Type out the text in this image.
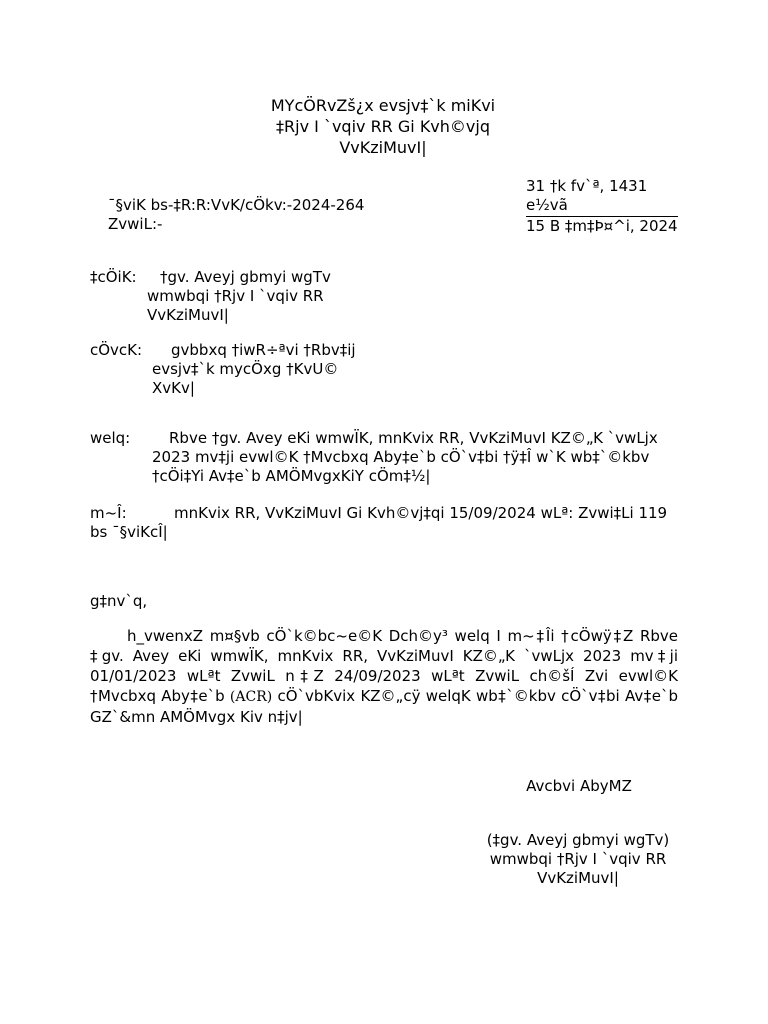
MYcÖRvZš¿x evsjv‡`k miKvi
‡Rjv I `vqiv RR Gi Kvh©vjq
VvKziMuvI|
¯§viK bs-‡R:R:VvK/cÖkv:-2024-264
ZvwiL:-
31 †k fv`ª, 1431 e½vã
15 B ‡m‡Þ¤^i, 2024
‡cÖiK:	†gv. Aveyj gbmyi wgTv
wmwbqi †Rjv I `vqiv RR
VvKziMuvI|
cÖvcK:	gvbbxq †iwR÷ªvi †Rbv‡ij
evsjv‡`k mycÖxg †KvU©
XvKv|
welq:	Rbve †gv. Avey eKi wmwÏK, mnKvix RR, VvKziMuvI KZ©„K `vwLjx
2023 mv‡ji evwl©K †Mvcbxq Aby‡e`b cÖ`v‡bi †ÿ‡Î w`K wb‡`©kbv
†cÖi‡Yi Av‡e`b AMÖMvgxKiY cÖm‡½|
m~Î:	mnKvix RR, VvKziMuvI Gi Kvh©vj‡qi 15/09/2024 wLª: Zvwi‡Li 119
bs ¯§viKcÎ|
g‡nv`q,
h_vwenxZ m¤§vb cÖ`k©bc~e©K Dch©y³ welq I m~‡Îi †cÖwÿ‡Z Rbve ‡gv. Avey eKi wmwÏK, mnKvix RR, VvKziMuvI KZ©„K `vwLjx 2023 mv‡ji 01/01/2023 wLªt ZvwiL n‡Z 24/09/2023 wLªt ZvwiL ch©šÍ Zvi evwl©K †Mvcbxq Aby‡e`b (ACR) cÖ`vbKvix KZ©„cÿ welqK wb‡`©kbv cÖ`v‡bi Av‡e`b GZ`&mn AMÖMvgx Kiv n‡jv|
Avcbvi AbyMZ
(‡gv. Aveyj gbmyi wgTv)
wmwbqi †Rjv I `vqiv RR
VvKziMuvI|
